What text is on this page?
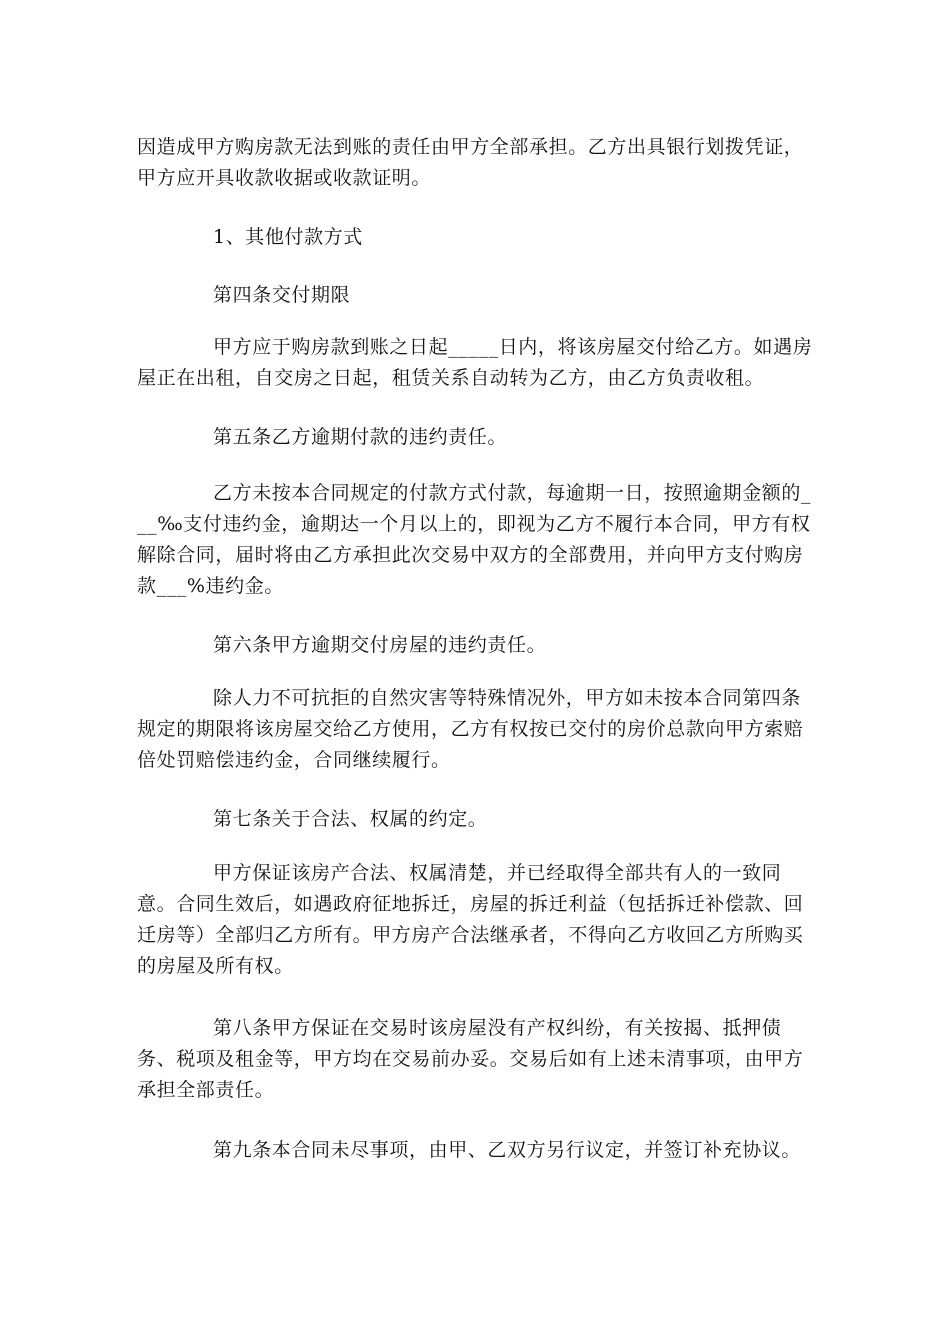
因造成甲方购房款无法到账的责任由甲方全部承担。乙方出具银行划拨凭证，甲方应开具收款收据或收款证明。

1、其他付款方式

第四条交付期限

甲方应于购房款到账之日起_____日内，将该房屋交付给乙方。如遇房屋正在出租，自交房之日起，租赁关系自动转为乙方，由乙方负责收租。

第五条乙方逾期付款的违约责任。

乙方未按本合同规定的付款方式付款，每逾期一日，按照逾期金额的___‰支付违约金，逾期达一个月以上的，即视为乙方不履行本合同，甲方有权解除合同，届时将由乙方承担此次交易中双方的全部费用，并向甲方支付购房款___%违约金。

第六条甲方逾期交付房屋的违约责任。

除人力不可抗拒的自然灾害等特殊情况外，甲方如未按本合同第四条规定的期限将该房屋交给乙方使用，乙方有权按已交付的房价总款向甲方索赔倍处罚赔偿违约金，合同继续履行。

第七条关于合法、权属的约定。

甲方保证该房产合法、权属清楚，并已经取得全部共有人的一致同意。合同生效后，如遇政府征地拆迁，房屋的拆迁利益（包括拆迁补偿款、回迁房等）全部归乙方所有。甲方房产合法继承者，不得向乙方收回乙方所购买的房屋及所有权。

第八条甲方保证在交易时该房屋没有产权纠纷，有关按揭、抵押债务、税项及租金等，甲方均在交易前办妥。交易后如有上述未清事项，由甲方承担全部责任。

第九条本合同未尽事项，由甲、乙双方另行议定，并签订补充协议。
